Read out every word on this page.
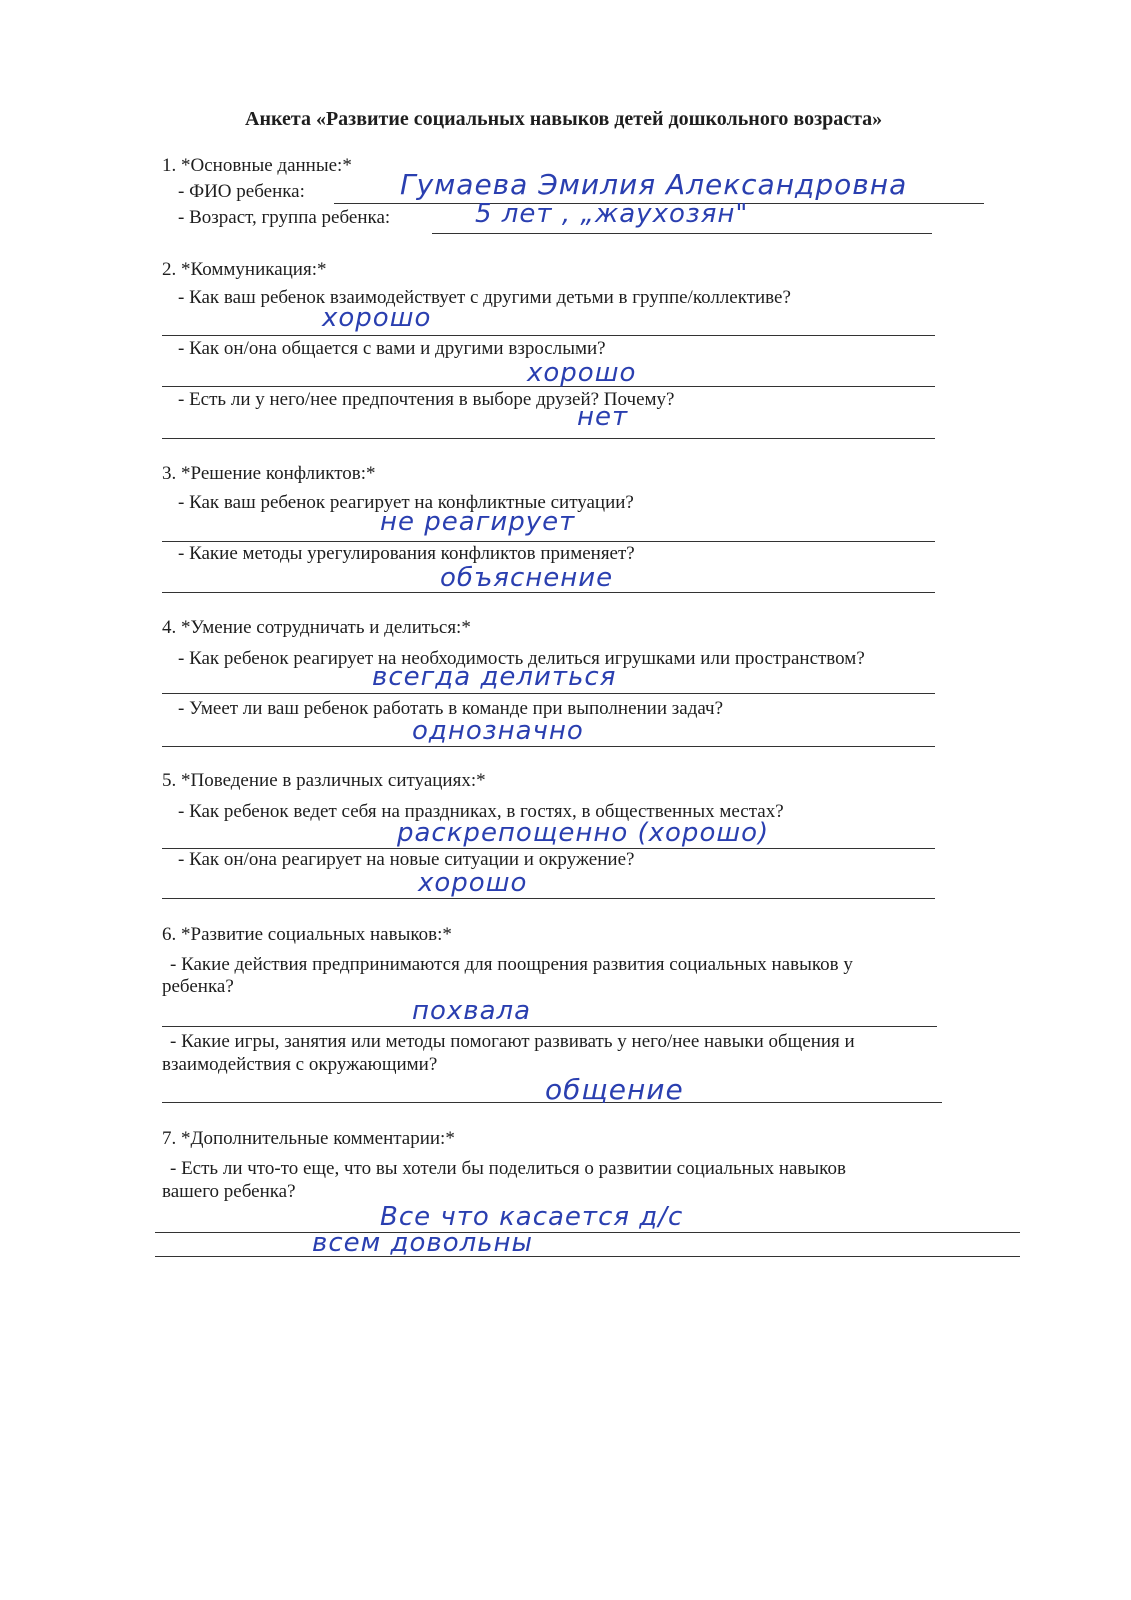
Анкета «Развитие социальных навыков детей дошкольного возраста»
1. *Основные данные:*
- ФИО ребенка:	Гумаева Эмилия Александровна
- Возраст, группа ребенка:	5 лет , „жаухозян"
2. *Коммуникация:*
- Как ваш ребенок взаимодействует с другими детьми в группе/коллективе?
хорошо
- Как он/она общается с вами и другими взрослыми?
хорошо
- Есть ли у него/нее предпочтения в выборе друзей? Почему?
нет
3. *Решение конфликтов:*
- Как ваш ребенок реагирует на конфликтные ситуации?
не реагирует
- Какие методы урегулирования конфликтов применяет?
объяснение
4. *Умение сотрудничать и делиться:*
- Как ребенок реагирует на необходимость делиться игрушками или пространством?
всегда делиться
- Умеет ли ваш ребенок работать в команде при выполнении задач?
однозначно
5. *Поведение в различных ситуациях:*
- Как ребенок ведет себя на праздниках, в гостях, в общественных местах?
раскрепощенно (хорошо)
- Как он/она реагирует на новые ситуации и окружение?
хорошо
6. *Развитие социальных навыков:*
- Какие действия предпринимаются для поощрения развития социальных навыков у
ребенка?
похвала
- Какие игры, занятия или методы помогают развивать у него/нее навыки общения и
взаимодействия с окружающими?
общение
7. *Дополнительные комментарии:*
- Есть ли что-то еще, что вы хотели бы поделиться о развитии социальных навыков
вашего ребенка?
Все что касается д/с
всем довольны
